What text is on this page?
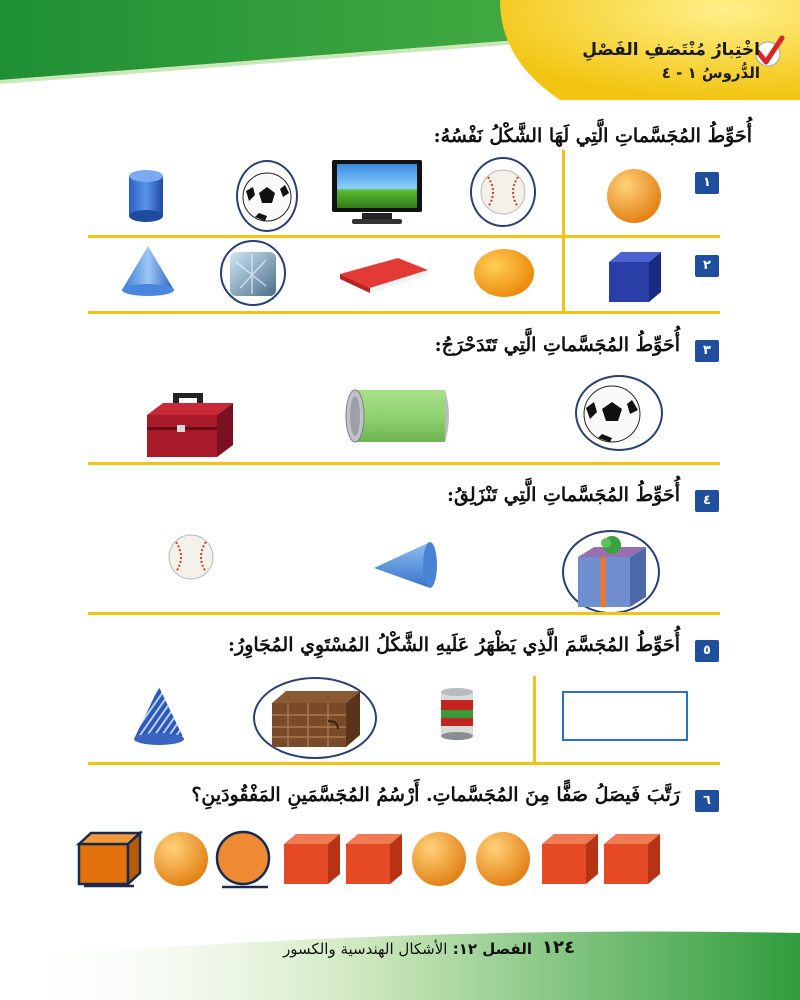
اخْتِبارُ مُنْتَصَفِ الفَصْلِ
الدُّروسُ ١ - ٤
أُحَوِّطُ المُجَسَّماتِ الَّتِي لَهَا الشَّكْلُ نَفْسُهُ:
١
٢
٣
أُحَوِّطُ المُجَسَّماتِ الَّتِي تَتَدَحْرَجُ:
٤
أُحَوِّطُ المُجَسَّماتِ الَّتِي تَنْزَلِقُ:
٥
أُحَوِّطُ المُجَسَّمَ الَّذِي يَظْهَرُ عَلَيهِ الشَّكْلُ المُسْتَوِي المُجَاوِرُ:
٦
رَتَّبَ فَيصَلُ صَفًّا مِنَ المُجَسَّماتِ. أَرْسُمُ المُجَسَّمَينِ المَفْقُودَينِ؟
١٢٤
الفصل ١٢: الأشكال الهندسية والكسور
